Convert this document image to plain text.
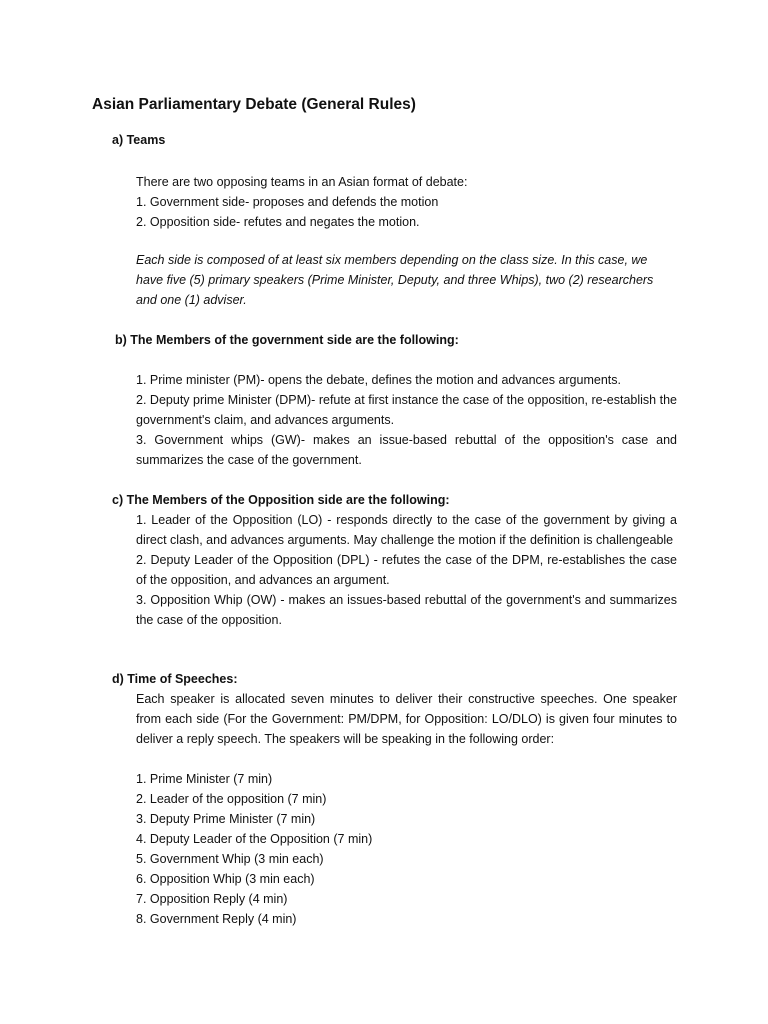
Asian Parliamentary Debate (General Rules)
a) Teams

There are two opposing teams in an Asian format of debate:

1. Government side- proposes and defends the motion

2. Opposition side- refutes and negates the motion.

Each side is composed of at least six members depending on the class size. In this case, we have five (5) primary speakers (Prime Minister, Deputy, and three Whips), two (2) researchers and one (1) adviser.
b) The Members of the government side are the following:

1. Prime minister (PM)- opens the debate, defines the motion and advances arguments.

2. Deputy prime Minister (DPM)- refute at first instance the case of the opposition, re-establish the government's claim, and advances arguments.

3. Government whips (GW)- makes an issue-based rebuttal of the opposition's case and summarizes the case of the government.

c) The Members of the Opposition side are the following:

1. Leader of the Opposition (LO) - responds directly to the case of the government by giving a direct clash, and advances arguments. May challenge the motion if the definition is challengeable

2. Deputy Leader of the Opposition (DPL) - refutes the case of the DPM, re-establishes the case of the opposition, and advances an argument.

3. Opposition Whip (OW) - makes an issues-based rebuttal of the government's and summarizes the case of the opposition.

d) Time of Speeches:
Each speaker is allocated seven minutes to deliver their constructive speeches. One speaker from each side (For the Government: PM/DPM, for Opposition: LO/DLO) is given four minutes to deliver a reply speech. The speakers will be speaking in the following order:
1. Prime Minister (7 min)
2. Leader of the opposition (7 min)
3. Deputy Prime Minister (7 min)
4. Deputy Leader of the Opposition (7 min)
5. Government Whip (3 min each)
6. Opposition Whip (3 min each)
7. Opposition Reply (4 min)
8. Government Reply (4 min)
